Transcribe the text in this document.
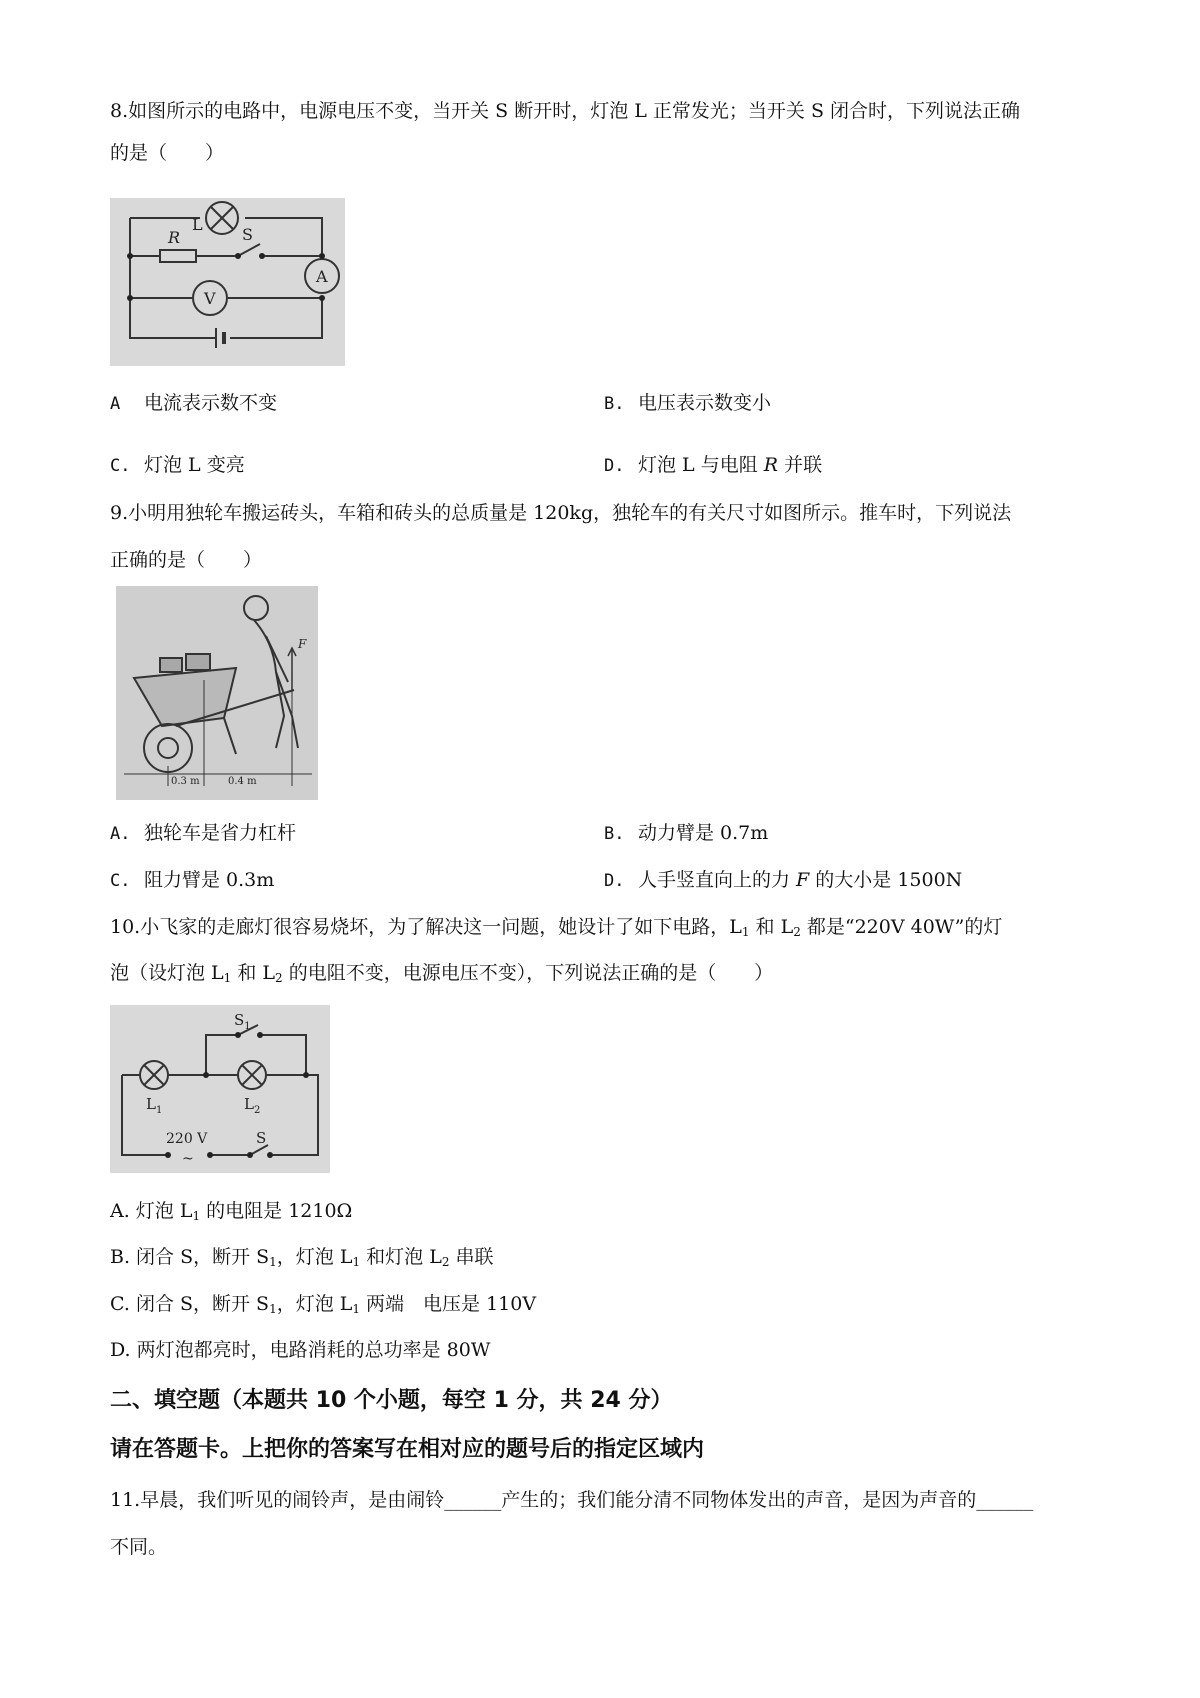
8.如图所示的电路中，电源电压不变，当开关 S 断开时，灯泡 L 正常发光；当开关 S 闭合时，下列说法正确
的是（　　）
R
L
S
V
A
A 电流表示数不变	B. 电压表示数变小
C. 灯泡 L 变亮	D. 灯泡 L 与电阻 R 并联
9.小明用独轮车搬运砖头，车箱和砖头的总质量是 120kg，独轮车的有关尺寸如图所示。推车时，下列说法
正确的是（　　）
0.3 m	0.4 m
F
A. 独轮车是省力杠杆	B. 动力臂是 0.7m
C. 阻力臂是 0.3m	D. 人手竖直向上的力 F 的大小是 1500N
10.小飞家的走廊灯很容易烧坏，为了解决这一问题，她设计了如下电路，$L_1$ 和 $L_2$ 都是“220V 40W”的灯
泡（设灯泡 $L_1$ 和 $L_2$ 的电阻不变，电源电压不变），下列说法正确的是（　　）
$S_1$
$L_1$	$L_2$
220 V
~
S
A. 灯泡 $L_1$ 的电阻是 1210Ω
B. 闭合 S，断开 $S_1$，灯泡 $L_1$ 和灯泡 $L_2$ 串联
C. 闭合 S，断开 $S_1$，灯泡 $L_1$ 两端　电压是 110V
D. 两灯泡都亮时，电路消耗的总功率是 80W
二、填空题（本题共 10 个小题，每空 1 分，共 24 分）
请在答题卡。上把你的答案写在相对应的题号后的指定区域内
11.早晨，我们听见的闹铃声，是由闹铃______产生的；我们能分清不同物体发出的声音，是因为声音的______
不同。
